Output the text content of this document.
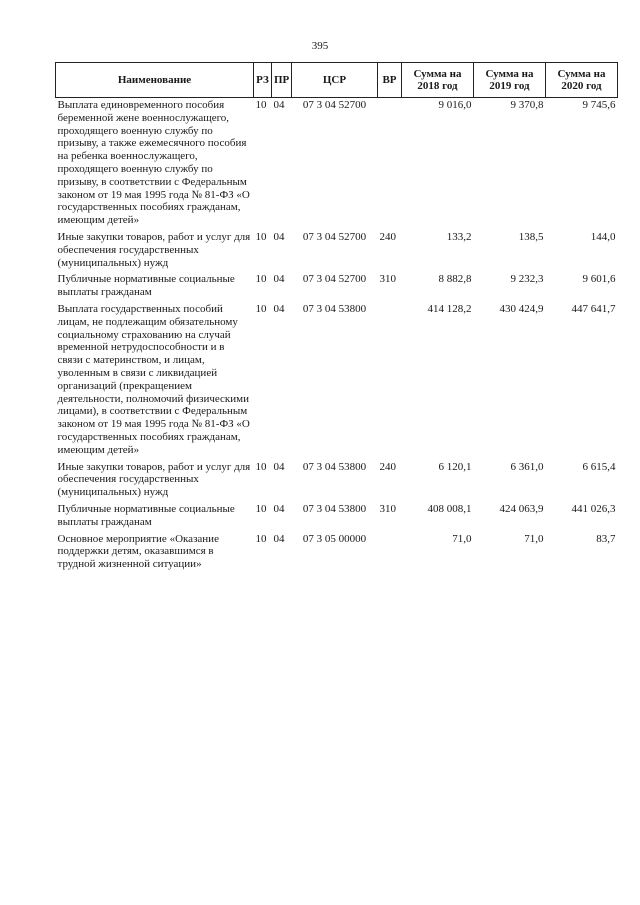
395
Наименование	РЗ	ПР	ЦСР	ВР	Сумма на 2018 год	Сумма на 2019 год	Сумма на 2020 год
Выплата единовременного пособия беременной жене военнослужащего, проходящего военную службу по призыву, а также ежемесячного пособия на ребенка военнослужащего, проходящего военную службу по призыву, в соответствии с Федеральным законом от 19 мая 1995 года № 81-ФЗ «О государственных пособиях гражданам, имеющим детей»	10	04	07 3 04 52700		9 016,0	9 370,8	9 745,6
Иные закупки товаров, работ и услуг для обеспечения государственных (муниципальных) нужд	10	04	07 3 04 52700	240	133,2	138,5	144,0
Публичные нормативные социальные выплаты гражданам	10	04	07 3 04 52700	310	8 882,8	9 232,3	9 601,6
Выплата государственных пособий лицам, не подлежащим обязательному социальному страхованию на случай временной нетрудоспособности и в связи с материнством, и лицам, уволенным в связи с ликвидацией организаций (прекращением деятельности, полномочий физическими лицами), в соответствии с Федеральным законом от 19 мая 1995 года № 81-ФЗ «О государственных пособиях гражданам, имеющим детей»	10	04	07 3 04 53800		414 128,2	430 424,9	447 641,7
Иные закупки товаров, работ и услуг для обеспечения государственных (муниципальных) нужд	10	04	07 3 04 53800	240	6 120,1	6 361,0	6 615,4
Публичные нормативные социальные выплаты гражданам	10	04	07 3 04 53800	310	408 008,1	424 063,9	441 026,3
Основное мероприятие «Оказание поддержки детям, оказавшимся в трудной жизненной ситуации»	10	04	07 3 05 00000		71,0	71,0	83,7
